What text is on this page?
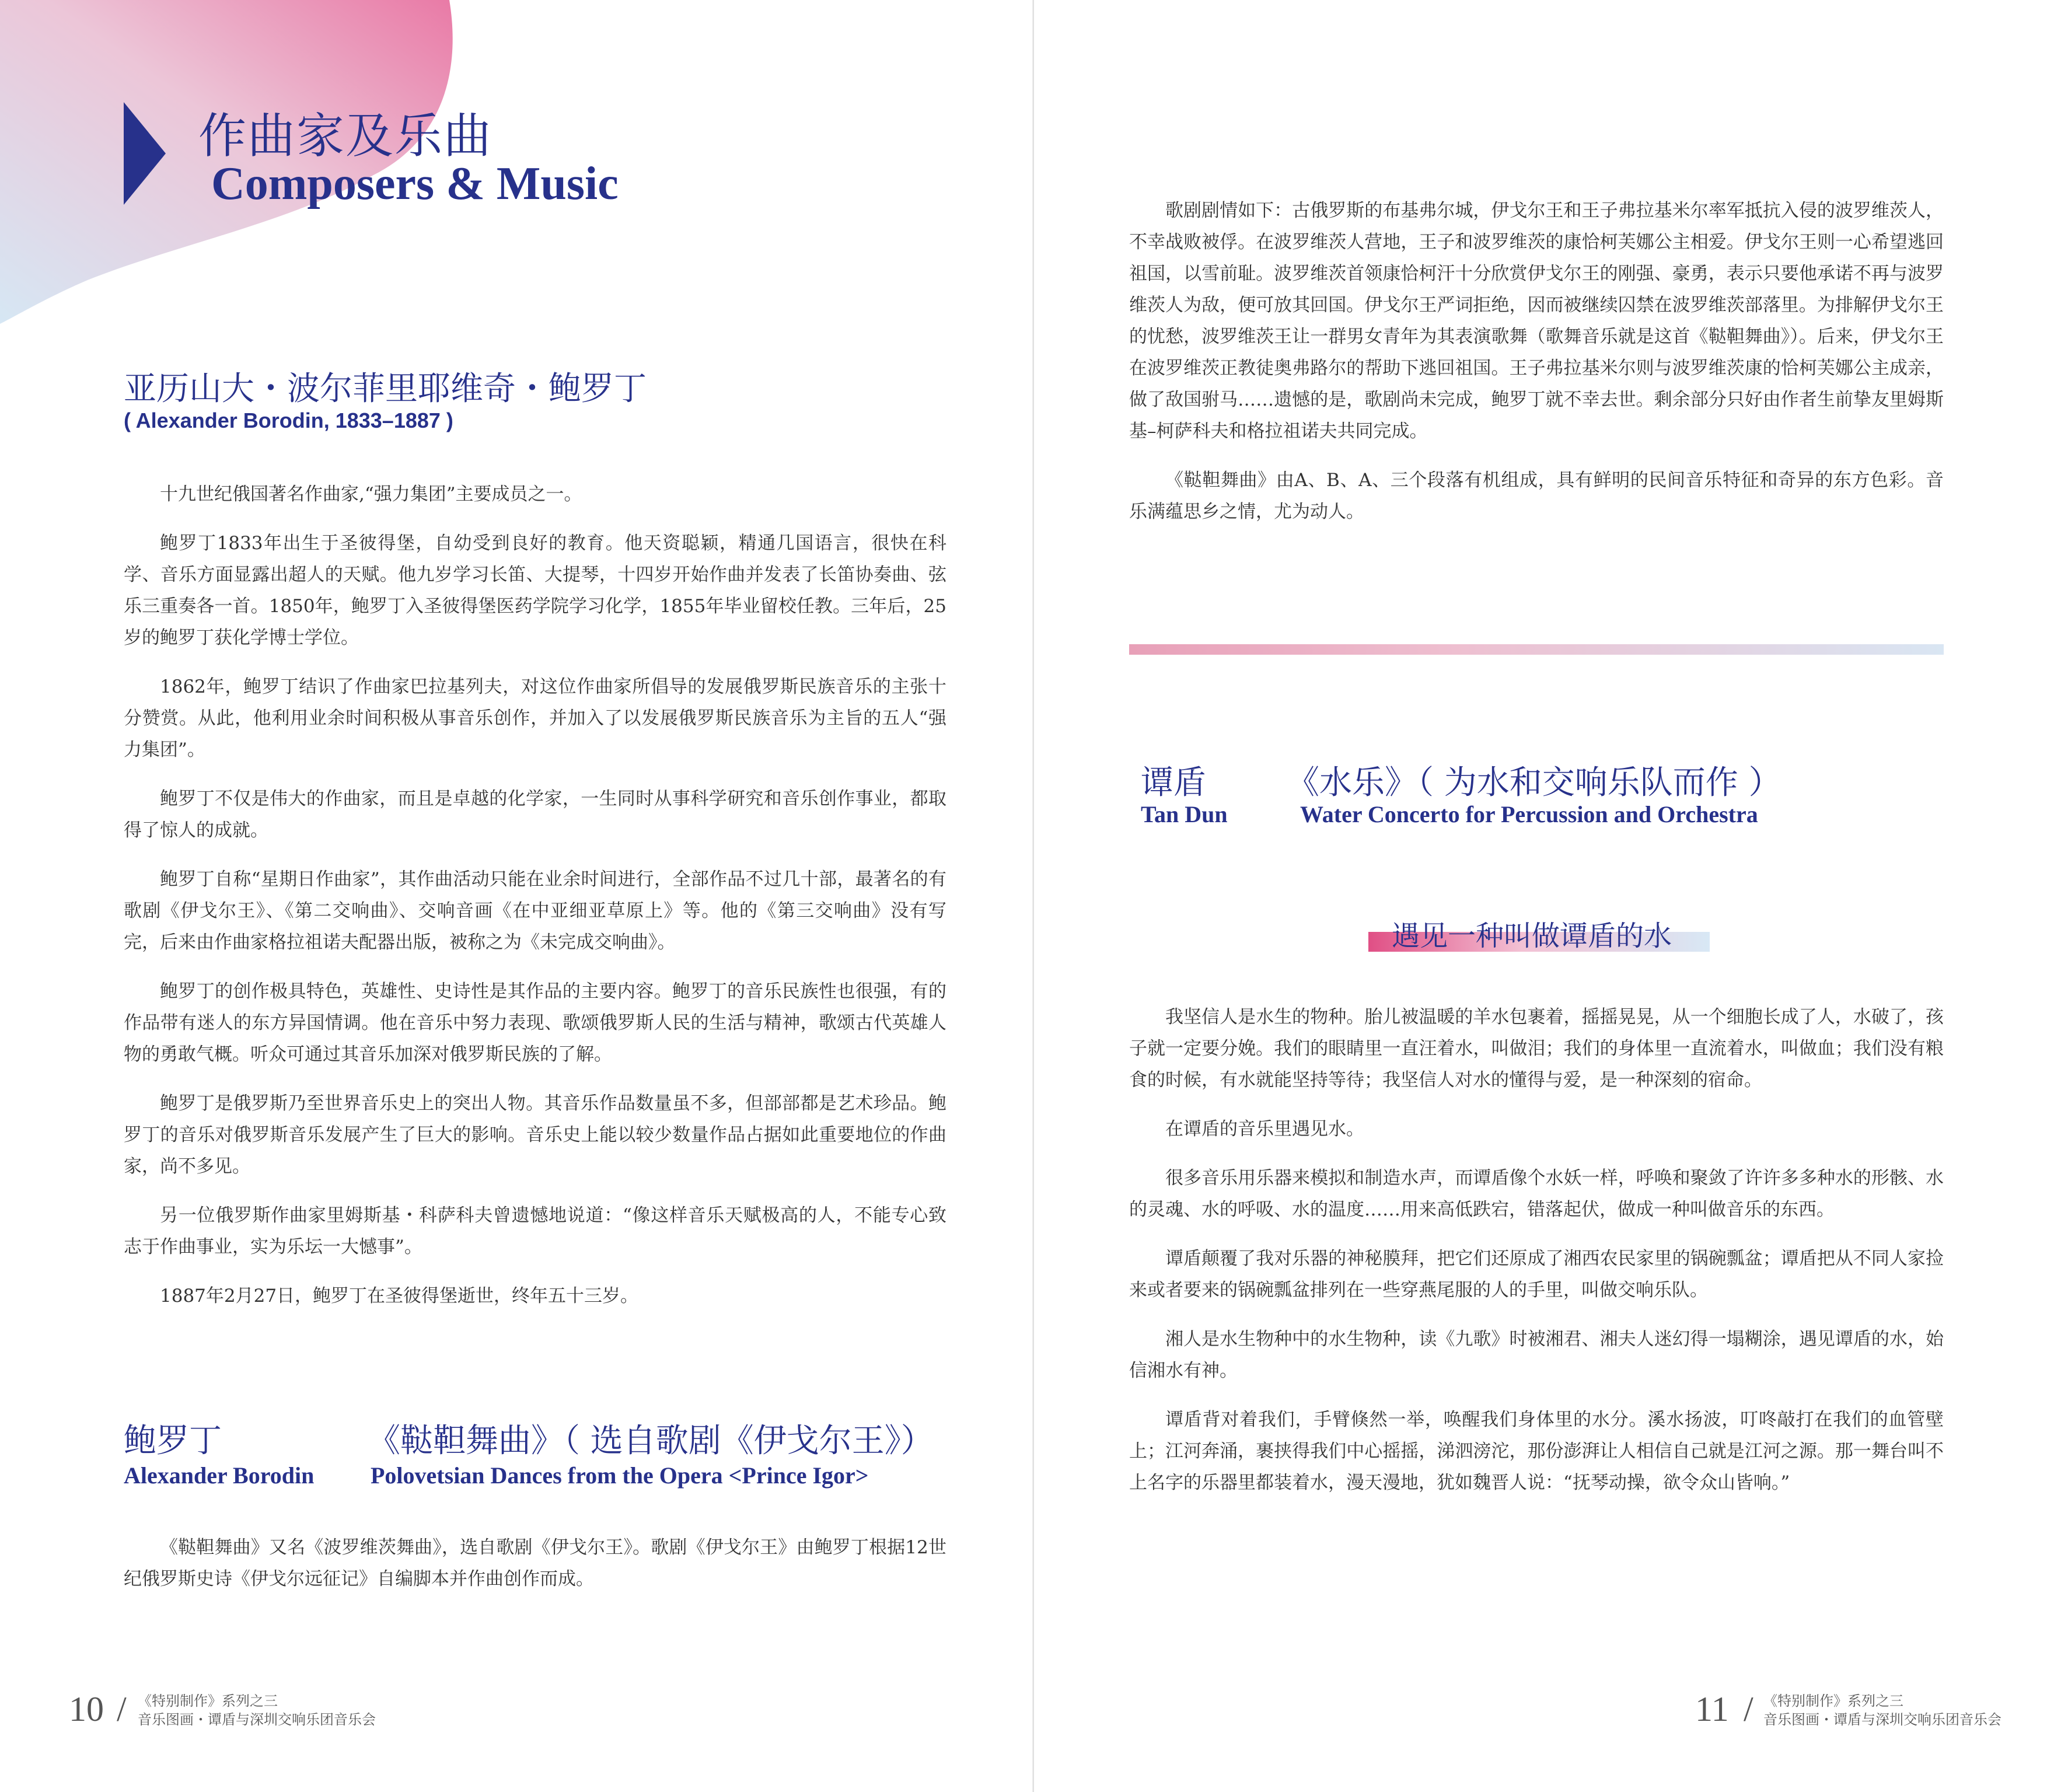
作曲家及乐曲
Composers & Music
亚历山大・波尔菲里耶维奇・鲍罗丁
( Alexander Borodin, 1833–1887 )

十九世纪俄国著名作曲家,“强力集团”主要成员之一。

鲍罗丁1833年出生于圣彼得堡，自幼受到良好的教育。他天资聪颖，精通几国语言，很快在科学、音乐方面显露出超人的天赋。他九岁学习长笛、大提琴，十四岁开始作曲并发表了长笛协奏曲、弦乐三重奏各一首。1850年，鲍罗丁入圣彼得堡医药学院学习化学，1855年毕业留校任教。三年后，25岁的鲍罗丁获化学博士学位。

1862年，鲍罗丁结识了作曲家巴拉基列夫，对这位作曲家所倡导的发展俄罗斯民族音乐的主张十分赞赏。从此，他利用业余时间积极从事音乐创作，并加入了以发展俄罗斯民族音乐为主旨的五人“强力集团”。

鲍罗丁不仅是伟大的作曲家，而且是卓越的化学家，一生同时从事科学研究和音乐创作事业，都取得了惊人的成就。

鲍罗丁自称“星期日作曲家”，其作曲活动只能在业余时间进行，全部作品不过几十部，最著名的有歌剧《伊戈尔王》、《第二交响曲》、交响音画《在中亚细亚草原上》等。他的《第三交响曲》没有写完，后来由作曲家格拉祖诺夫配器出版，被称之为《未完成交响曲》。

鲍罗丁的创作极具特色，英雄性、史诗性是其作品的主要内容。鲍罗丁的音乐民族性也很强，有的作品带有迷人的东方异国情调。他在音乐中努力表现、歌颂俄罗斯人民的生活与精神，歌颂古代英雄人物的勇敢气概。听众可通过其音乐加深对俄罗斯民族的了解。

鲍罗丁是俄罗斯乃至世界音乐史上的突出人物。其音乐作品数量虽不多，但部部都是艺术珍品。鲍罗丁的音乐对俄罗斯音乐发展产生了巨大的影响。音乐史上能以较少数量作品占据如此重要地位的作曲家，尚不多见。

另一位俄罗斯作曲家里姆斯基・科萨科夫曾遗憾地说道：“像这样音乐天赋极高的人，不能专心致志于作曲事业，实为乐坛一大憾事”。

1887年2月27日，鲍罗丁在圣彼得堡逝世，终年五十三岁。

鲍罗丁	《鞑靼舞曲》（ 选自歌剧《伊戈尔王》）
Alexander Borodin Polovetsian Dances from the Opera <Prince Igor>

《鞑靼舞曲》又名《波罗维茨舞曲》，选自歌剧《伊戈尔王》。歌剧《伊戈尔王》由鲍罗丁根据12世纪俄罗斯史诗《伊戈尔远征记》自编脚本并作曲创作而成。

10 / 《特别制作》系列之三
音乐图画・谭盾与深圳交响乐团音乐会

歌剧剧情如下：古俄罗斯的布基弗尔城，伊戈尔王和王子弗拉基米尔率军抵抗入侵的波罗维茨人，不幸战败被俘。在波罗维茨人营地，王子和波罗维茨的康恰柯芙娜公主相爱。伊戈尔王则一心希望逃回祖国，以雪前耻。波罗维茨首领康恰柯汗十分欣赏伊戈尔王的刚强、豪勇，表示只要他承诺不再与波罗维茨人为敌，便可放其回国。伊戈尔王严词拒绝，因而被继续囚禁在波罗维茨部落里。为排解伊戈尔王的忧愁，波罗维茨王让一群男女青年为其表演歌舞（歌舞音乐就是这首《鞑靼舞曲》）。后来，伊戈尔王在波罗维茨正教徒奥弗路尔的帮助下逃回祖国。王子弗拉基米尔则与波罗维茨康的恰柯芙娜公主成亲，做了敌国驸马……遗憾的是，歌剧尚未完成，鲍罗丁就不幸去世。剩余部分只好由作者生前挚友里姆斯基–柯萨科夫和格拉祖诺夫共同完成。

《鞑靼舞曲》由A、B、A、三个段落有机组成，具有鲜明的民间音乐特征和奇异的东方色彩。音乐满蕴思乡之情，尤为动人。

谭盾 《水乐》（ 为水和交响乐队而作 ）
Tan Dun	Water Concerto for Percussion and Orchestra
遇见一种叫做谭盾的水

我坚信人是水生的物种。胎儿被温暖的羊水包裹着，摇摇晃晃，从一个细胞长成了人，水破了，孩子就一定要分娩。我们的眼睛里一直汪着水，叫做泪；我们的身体里一直流着水，叫做血；我们没有粮食的时候，有水就能坚持等待；我坚信人对水的懂得与爱，是一种深刻的宿命。

在谭盾的音乐里遇见水。

很多音乐用乐器来模拟和制造水声，而谭盾像个水妖一样，呼唤和聚敛了许许多多种水的形骸、水的灵魂、水的呼吸、水的温度……用来高低跌宕，错落起伏，做成一种叫做音乐的东西。

谭盾颠覆了我对乐器的神秘膜拜，把它们还原成了湘西农民家里的锅碗瓢盆；谭盾把从不同人家捡来或者要来的锅碗瓢盆排列在一些穿燕尾服的人的手里，叫做交响乐队。

湘人是水生物种中的水生物种，读《九歌》时被湘君、湘夫人迷幻得一塌糊涂，遇见谭盾的水，始信湘水有神。

谭盾背对着我们，手臂倏然一举，唤醒我们身体里的水分。溪水扬波，叮咚敲打在我们的血管壁上；江河奔涌，裹挟得我们中心摇摇，涕泗滂沱，那份澎湃让人相信自己就是江河之源。那一舞台叫不上名字的乐器里都装着水，漫天漫地，犹如魏晋人说：“抚琴动操，欲令众山皆响。”

11 / 《特别制作》系列之三
音乐图画・谭盾与深圳交响乐团音乐会
